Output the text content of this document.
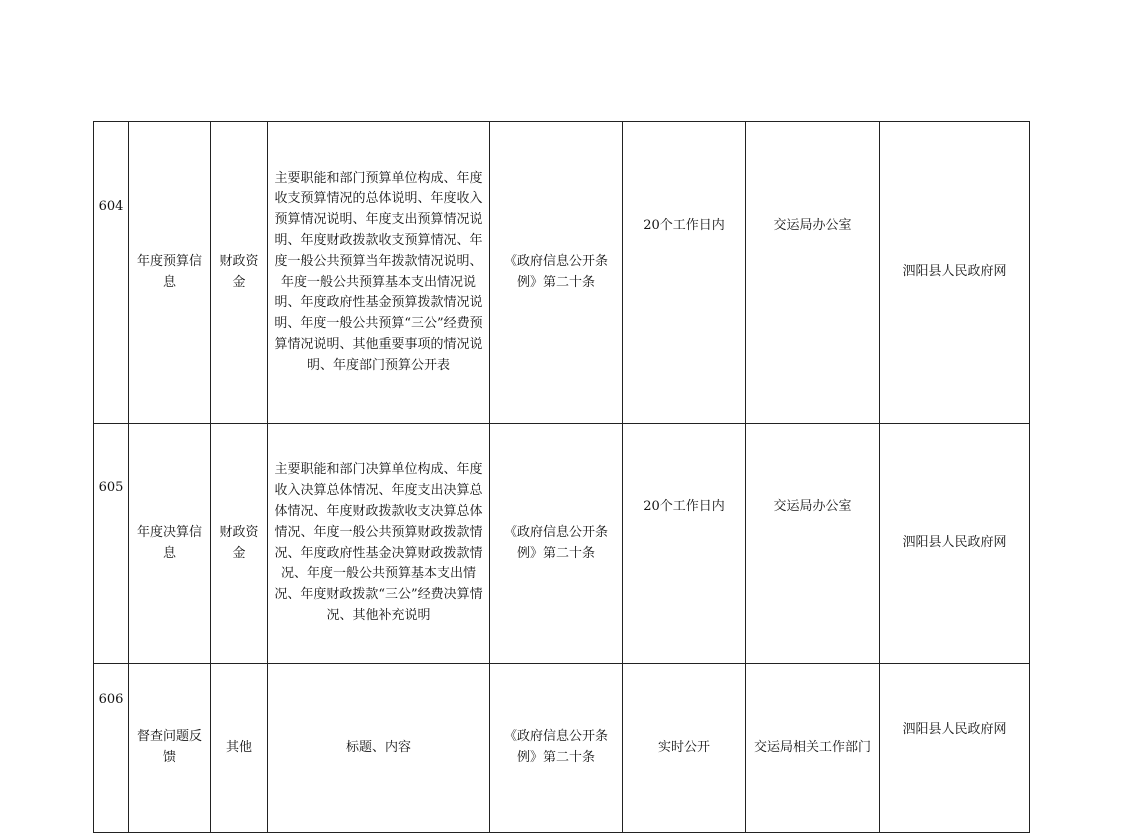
604	年度预算信息	财政资金	主要职能和部门预算单位构成、年度收支预算情况的总体说明、年度收入预算情况说明、年度支出预算情况说明、年度财政拨款收支预算情况、年度一般公共预算当年拨款情况说明、年度一般公共预算基本支出情况说明、年度政府性基金预算拨款情况说明、年度一般公共预算“三公”经费预算情况说明、其他重要事项的情况说明、年度部门预算公开表	《政府信息公开条例》第二十条	20个工作日内	交运局办公室	泗阳县人民政府网

605	年度决算信息	财政资金	主要职能和部门决算单位构成、年度收入决算总体情况、年度支出决算总体情况、年度财政拨款收支决算总体情况、年度一般公共预算财政拨款情况、年度政府性基金决算财政拨款情况、年度一般公共预算基本支出情况、年度财政拨款“三公”经费决算情况、其他补充说明	《政府信息公开条例》第二十条	20个工作日内	交运局办公室	泗阳县人民政府网

606	督查问题反馈	其他	标题、内容	《政府信息公开条例》第二十条	实时公开	交运局相关工作部门	泗阳县人民政府网
